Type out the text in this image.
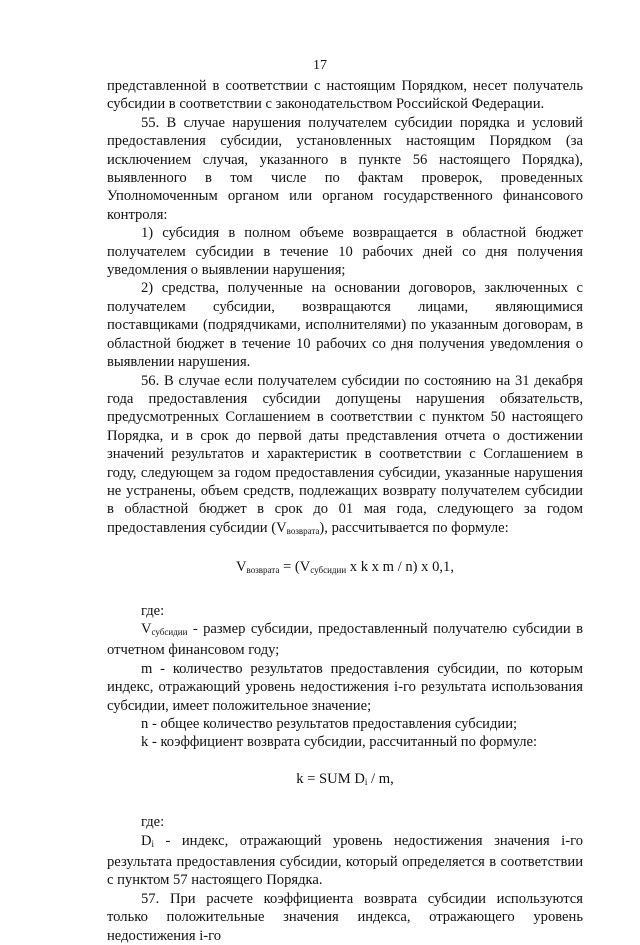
17

представленной в соответствии с настоящим Порядком, несет получатель субсидии в соответствии с законодательством Российской Федерации.

55. В случае нарушения получателем субсидии порядка и условий предоставления субсидии, установленных настоящим Порядком (за исключением случая, указанного в пункте 56 настоящего Порядка), выявленного в том числе по фактам проверок, проведенных Уполномоченным органом или органом государственного финансового контроля:

1) субсидия в полном объеме возвращается в областной бюджет получателем субсидии в течение 10 рабочих дней со дня получения уведомления о выявлении нарушения;

2) средства, полученные на основании договоров, заключенных с получателем субсидии, возвращаются лицами, являющимися поставщиками (подрядчиками, исполнителями) по указанным договорам, в областной бюджет в течение 10 рабочих со дня получения уведомления о выявлении нарушения.

56. В случае если получателем субсидии по состоянию на 31 декабря года предоставления субсидии допущены нарушения обязательств, предусмотренных Соглашением в соответствии с пунктом 50 настоящего Порядка, и в срок до первой даты представления отчета о достижении значений результатов и характеристик в соответствии с Соглашением в году, следующем за годом предоставления субсидии, указанные нарушения не устранены, объем средств, подлежащих возврату получателем субсидии в областной бюджет в срок до 01 мая года, следующего за годом предоставления субсидии $(V_{возврата})$, рассчитывается по формуле:

$V_{возврата} = (V_{субсидии}$ x k x m / n) x 0,1,

где:

$V_{субсидии}$ - размер субсидии, предоставленный получателю субсидии в отчетном финансовом году;

m - количество результатов предоставления субсидии, по которым индекс, отражающий уровень недостижения i-го результата использования субсидии, имеет положительное значение;

n - общее количество результатов предоставления субсидии;

k - коэффициент возврата субсидии, рассчитанный по формуле:

k = SUM $D_i$ / m,

где:

$D_i$ - индекс, отражающий уровень недостижения значения i-го результата предоставления субсидии, который определяется в соответствии с пунктом 57 настоящего Порядка.

57. При расчете коэффициента возврата субсидии используются только положительные значения индекса, отражающего уровень недостижения i-го
